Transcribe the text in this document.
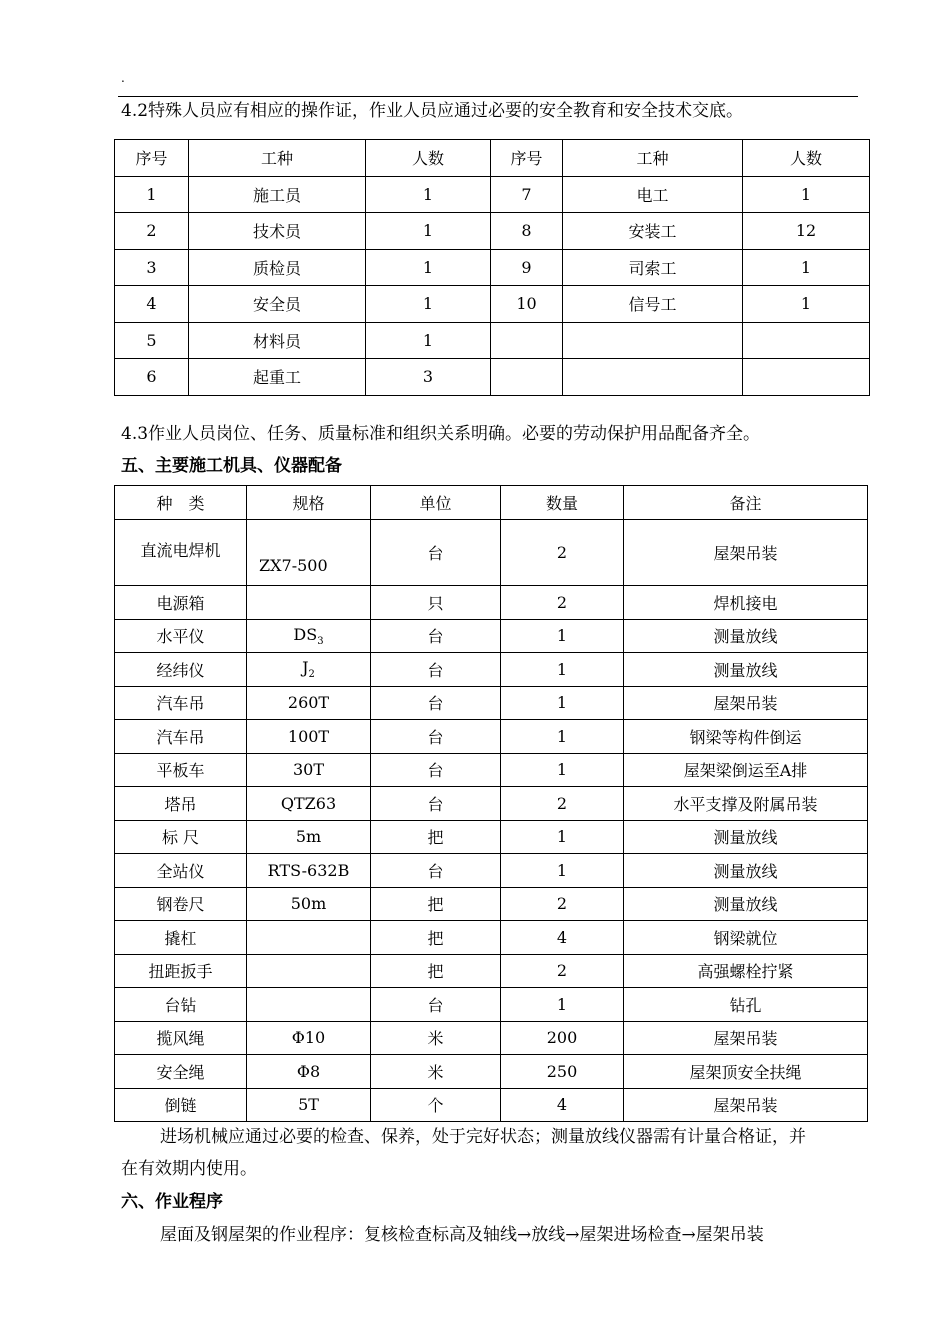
.
4.2特殊人员应有相应的操作证，作业人员应通过必要的安全教育和安全技术交底。
序号	工种	人数	序号	工种	人数
1	施工员	1	7	电工	1
2	技术员	1	8	安装工	12
3	质检员	1	9	司索工	1
4	安全员	1	10	信号工	1
5	材料员	1			
6	起重工	3			
4.3作业人员岗位、任务、质量标准和组织关系明确。必要的劳动保护用品配备齐全。
五、主要施工机具、仪器配备
种　类	规格	单位	数量	备注
直流电焊机	ZX7-500	台	2	屋架吊装
电源箱		只	2	焊机接电
水平仪	$DS_3$	台	1	测量放线
经纬仪	$J_2$	台	1	测量放线
汽车吊	260T	台	1	屋架吊装
汽车吊	100T	台	1	钢梁等构件倒运
平板车	30T	台	1	屋架梁倒运至A排
塔吊	QTZ63	台	2	水平支撑及附属吊装
标 尺	5m	把	1	测量放线
全站仪	RTS-632B	台	1	测量放线
钢卷尺	50m	把	2	测量放线
撬杠		把	4	钢梁就位
扭距扳手		把	2	高强螺栓拧紧
台钻		台	1	钻孔
揽风绳	Φ10	米	200	屋架吊装
安全绳	Φ8	米	250	屋架顶安全扶绳
倒链	5T	个	4	屋架吊装
进场机械应通过必要的检查、保养，处于完好状态；测量放线仪器需有计量合格证，并
在有效期内使用。
六、作业程序
屋面及钢屋架的作业程序：复核检查标高及轴线→放线→屋架进场检查→屋架吊装
